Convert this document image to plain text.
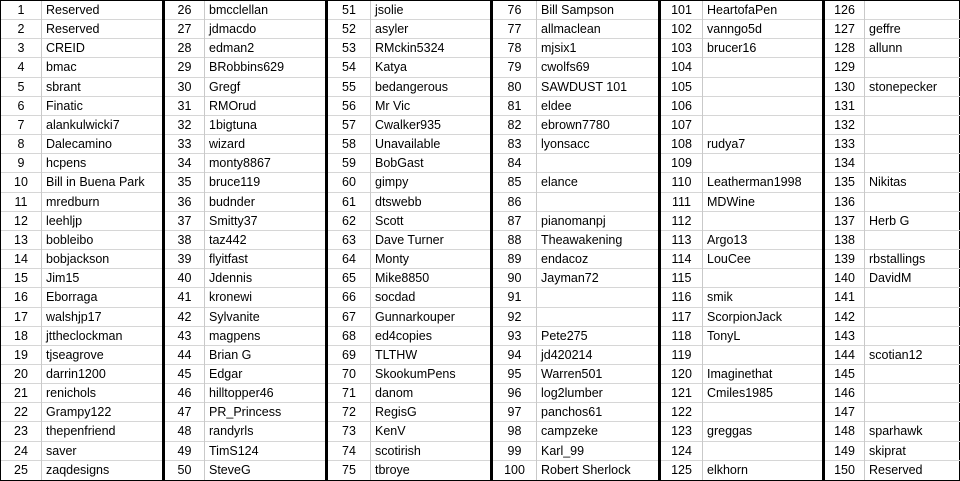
1
2
3
4
5
6
7
8
9
10
11
12
13
14
15
16
17
18
19
20
21
22
23
24
25
Reserved
Reserved
CREID
bmac
sbrant
Finatic
alankulwicki7
Dalecamino
hcpens
Bill in Buena Park
mredburn
leehljp
bobleibo
bobjackson
Jim15
Eborraga
walshjp17
jttheclockman
tjseagrove
darrin1200
renichols
Grampy122
thepenfriend
saver
zaqdesigns
26
27
28
29
30
31
32
33
34
35
36
37
38
39
40
41
42
43
44
45
46
47
48
49
50
bmcclellan
jdmacdo
edman2
BRobbins629
Gregf
RMOrud
1bigtuna
wizard
monty8867
bruce119
budnder
Smitty37
taz442
flyitfast
Jdennis
kronewi
Sylvanite
magpens
Brian G
Edgar
hilltopper46
PR_Princess
randyrls
TimS124
SteveG
51
52
53
54
55
56
57
58
59
60
61
62
63
64
65
66
67
68
69
70
71
72
73
74
75
jsolie
asyler
RMckin5324
Katya
bedangerous
Mr Vic
Cwalker935
Unavailable
BobGast
gimpy
dtswebb
Scott
Dave Turner
Monty
Mike8850
socdad
Gunnarkouper
ed4copies
TLTHW
SkookumPens
danom
RegisG
KenV
scotirish
tbroye
76
77
78
79
80
81
82
83
84
85
86
87
88
89
90
91
92
93
94
95
96
97
98
99
100
Bill Sampson
allmaclean
mjsix1
cwolfs69
SAWDUST 101
eldee
ebrown7780
lyonsacc
elance
pianomanpj
Theawakening
endacoz
Jayman72
Pete275
jd420214
Warren501
log2lumber
panchos61
campzeke
Karl_99
Robert Sherlock
101
102
103
104
105
106
107
108
109
110
111
112
113
114
115
116
117
118
119
120
121
122
123
124
125
HeartofaPen
vanngo5d
brucer16
rudya7
Leatherman1998
MDWine
Argo13
LouCee
smik
ScorpionJack
TonyL
Imaginethat
Cmiles1985
greggas
elkhorn
126
127
128
129
130
131
132
133
134
135
136
137
138
139
140
141
142
143
144
145
146
147
148
149
150
geffre
allunn
stonepecker
Nikitas
Herb G
rbstallings
DavidM
scotian12
sparhawk
skiprat
Reserved
